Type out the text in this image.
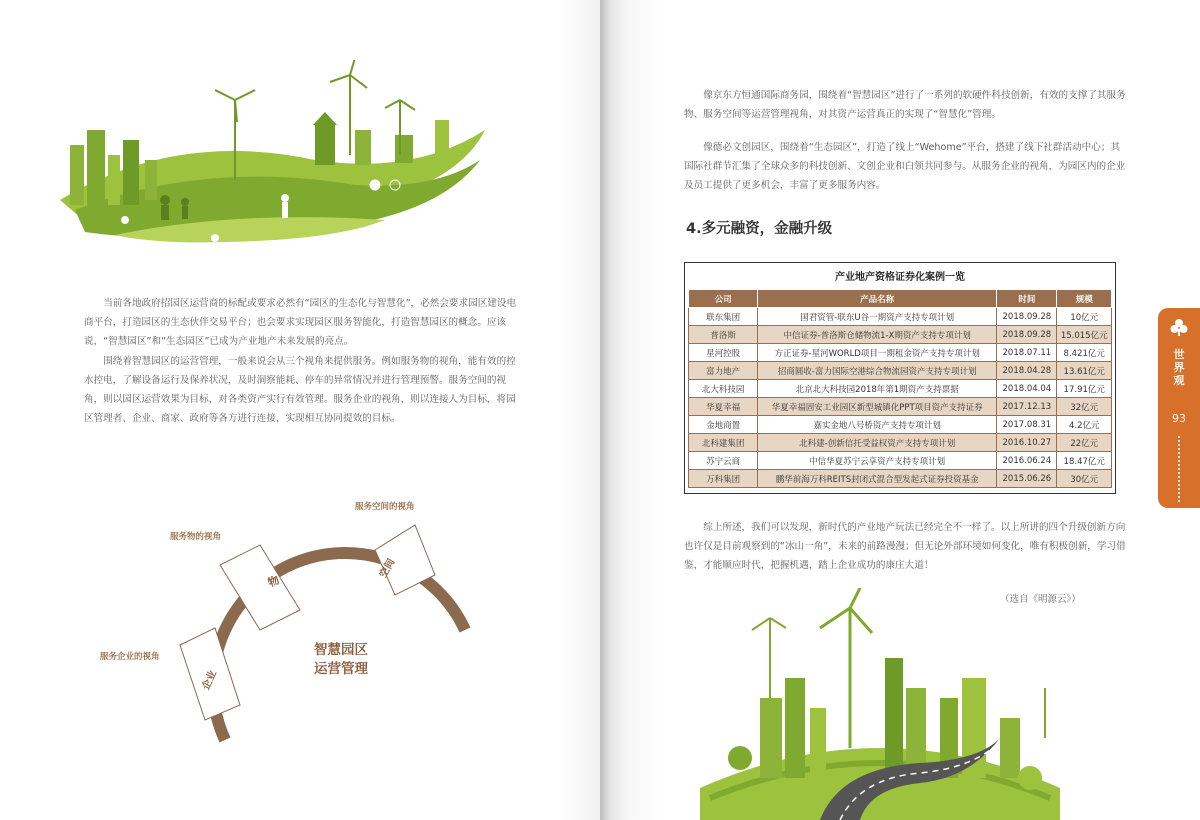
当前各地政府招园区运营商的标配或要求必然有“园区的生态化与智慧化”，必然会要求园区建设电商平台，打造园区的生态伙伴交易平台；也会要求实现园区服务智能化，打造智慧园区的概念。应该说，“智慧园区”和“生态园区”已成为产业地产未来发展的亮点。

围绕着智慧园区的运营管理，一般来说会从三个视角来提供服务。例如服务物的视角，能有效的控水控电，了解设备运行及保养状况，及时洞察能耗、停车的异常情况并进行管理预警。服务空间的视角，则以园区运营效果为目标，对各类资产实行有效管理。服务企业的视角，则以连接人为目标，将园区管理者、企业、商家、政府等各方进行连接，实现相互协同提效的目标。

服务空间的视角
服务物的视角
服务企业的视角
物
空间
企业
智慧园区
运营管理

像京东方恒通国际商务园，围绕着“智慧园区”进行了一系列的软硬件科技创新，有效的支撑了其服务物、服务空间等运营管理视角，对其资产运营真正的实现了“智慧化”管理。

像德必文创园区，围绕着“生态园区”，打造了线上“Wehome”平台，搭建了线下社群活动中心；其国际社群节汇集了全球众多的科技创新、文创企业和白领共同参与。从服务企业的视角，为园区内的企业及员工提供了更多机会，丰富了更多服务内容。

4.多元融资，金融升级
产业地产资格证券化案例一览
公司	产品名称	时间	规模
联东集团	国君资管-联东U谷一期资产支持专项计划	2018.09.28	10亿元
普洛斯	中信证券-普洛斯仓储物流1-X期资产支持专项计划	2018.09.28	15.015亿元
星河控股	方正证券-星河WORLD项目一期租金资产支持专项计划	2018.07.11	8.421亿元
富力地产	招商圆收-富力国际空港综合物流园资产支持专项计划	2018.04.28	13.61亿元
北大科技园	北京北大科技园2018年第1期资产支持票据	2018.04.04	17.91亿元
华夏幸福	华夏幸福固安工业园区新型城镇化PPT项目资产支持证券	2017.12.13	32亿元
金地商置	嘉实金地八号桥资产支持专项计划	2017.08.31	4.2亿元
北科建集团	北科建-创新信托受益权资产支持专项计划	2016.10.27	22亿元
苏宁云商	中信华夏苏宁云享资产支持专项计划	2016.06.24	18.47亿元
万科集团	鹏华前海万科REITS封闭式混合型发起式证券投资基金	2015.06.26	30亿元

综上所述，我们可以发现，新时代的产业地产玩法已经完全不一样了。以上所讲的四个升级创新方向也许仅是目前观察到的“冰山一角”，未来的前路漫漫；但无论外部环境如何变化，唯有积极创新，学习借鉴，才能顺应时代，把握机遇，踏上企业成功的康庄大道！

（选自《明源云》）
世
界
观
93
